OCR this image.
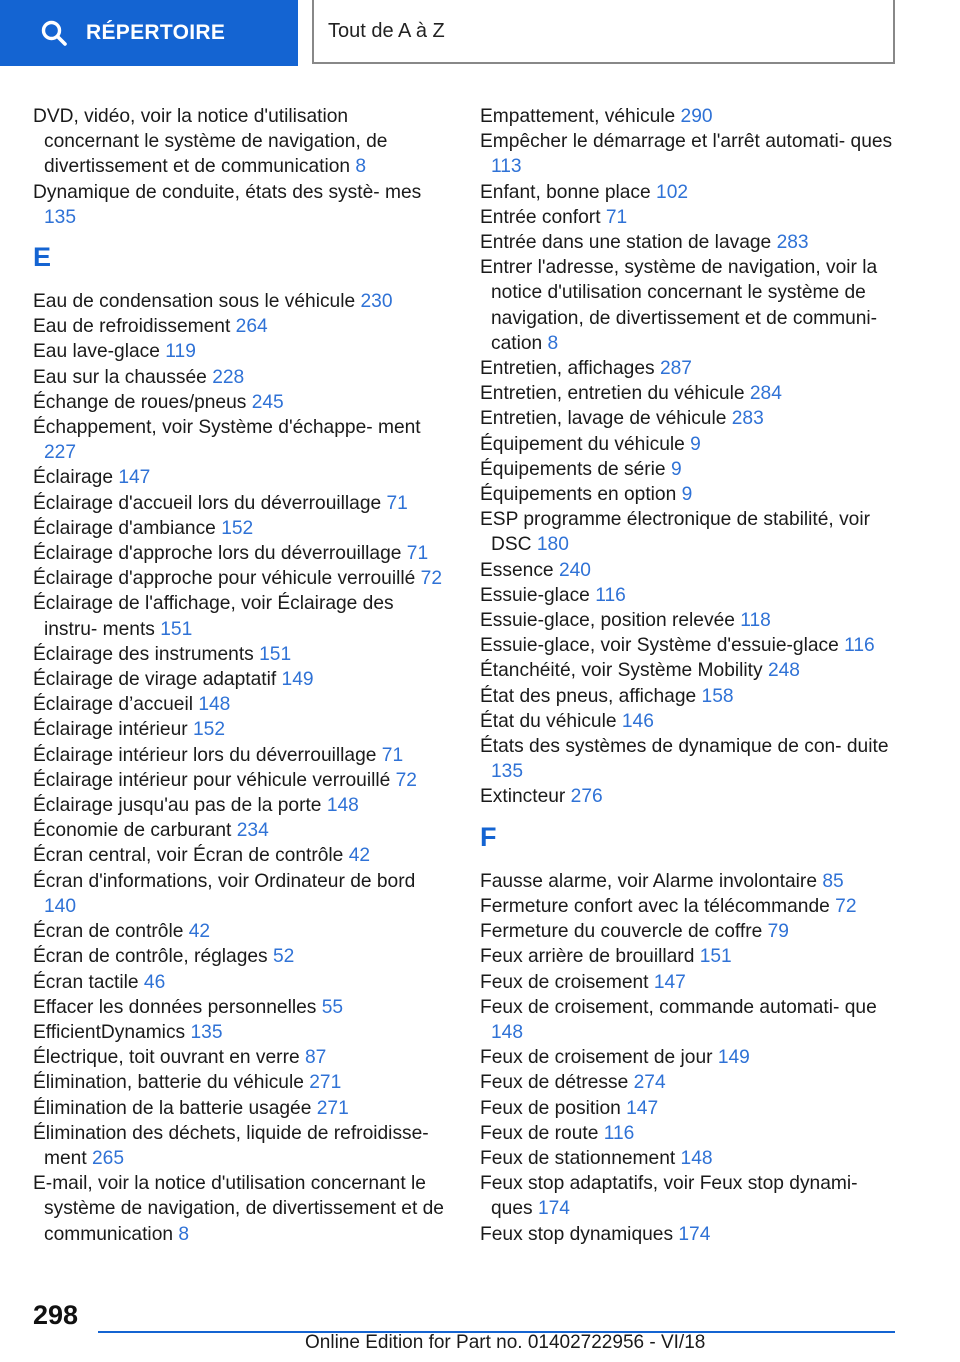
RÉPERTOIRE	Tout de A à Z
DVD, vidéo, voir la notice d'utilisation concernant le système de navigation, de divertissement et de communication 8
Dynamique de conduite, états des systè- mes 135
E
Eau de condensation sous le véhicule 230
Eau de refroidissement 264
Eau lave-glace 119
Eau sur la chaussée 228
Échange de roues/pneus 245
Échappement, voir Système d'échappe- ment 227
Éclairage 147
Éclairage d'accueil lors du déverrouillage 71
Éclairage d'ambiance 152
Éclairage d'approche lors du déverrouillage 71
Éclairage d'approche pour véhicule verrouillé 72
Éclairage de l'affichage, voir Éclairage des instru- ments 151
Éclairage des instruments 151
Éclairage de virage adaptatif 149
Éclairage d’accueil 148
Éclairage intérieur 152
Éclairage intérieur lors du déverrouillage 71
Éclairage intérieur pour véhicule verrouillé 72
Éclairage jusqu'au pas de la porte 148
Économie de carburant 234
Écran central, voir Écran de contrôle 42
Écran d'informations, voir Ordinateur de bord 140
Écran de contrôle 42
Écran de contrôle, réglages 52
Écran tactile 46
Effacer les données personnelles 55
EfficientDynamics 135
Électrique, toit ouvrant en verre 87
Élimination, batterie du véhicule 271
Élimination de la batterie usagée 271
Élimination des déchets, liquide de refroidisse- ment 265
E-mail, voir la notice d'utilisation concernant le système de navigation, de divertissement et de communication 8
Empattement, véhicule 290
Empêcher le démarrage et l'arrêt automati- ques 113
Enfant, bonne place 102
Entrée confort 71
Entrée dans une station de lavage 283
Entrer l'adresse, système de navigation, voir la notice d'utilisation concernant le système de navigation, de divertissement et de communi- cation 8
Entretien, affichages 287
Entretien, entretien du véhicule 284
Entretien, lavage de véhicule 283
Équipement du véhicule 9
Équipements de série 9
Équipements en option 9
ESP programme électronique de stabilité, voir DSC 180
Essence 240
Essuie-glace 116
Essuie-glace, position relevée 118
Essuie-glace, voir Système d'essuie-glace 116
Étanchéité, voir Système Mobility 248
État des pneus, affichage 158
État du véhicule 146
États des systèmes de dynamique de con- duite 135
Extincteur 276
F
Fausse alarme, voir Alarme involontaire 85
Fermeture confort avec la télécommande 72
Fermeture du couvercle de coffre 79
Feux arrière de brouillard 151
Feux de croisement 147
Feux de croisement, commande automati- que 148
Feux de croisement de jour 149
Feux de détresse 274
Feux de position 147
Feux de route 116
Feux de stationnement 148
Feux stop adaptatifs, voir Feux stop dynami- ques 174
Feux stop dynamiques 174
298
Online Edition for Part no. 01402722956 - VI/18
